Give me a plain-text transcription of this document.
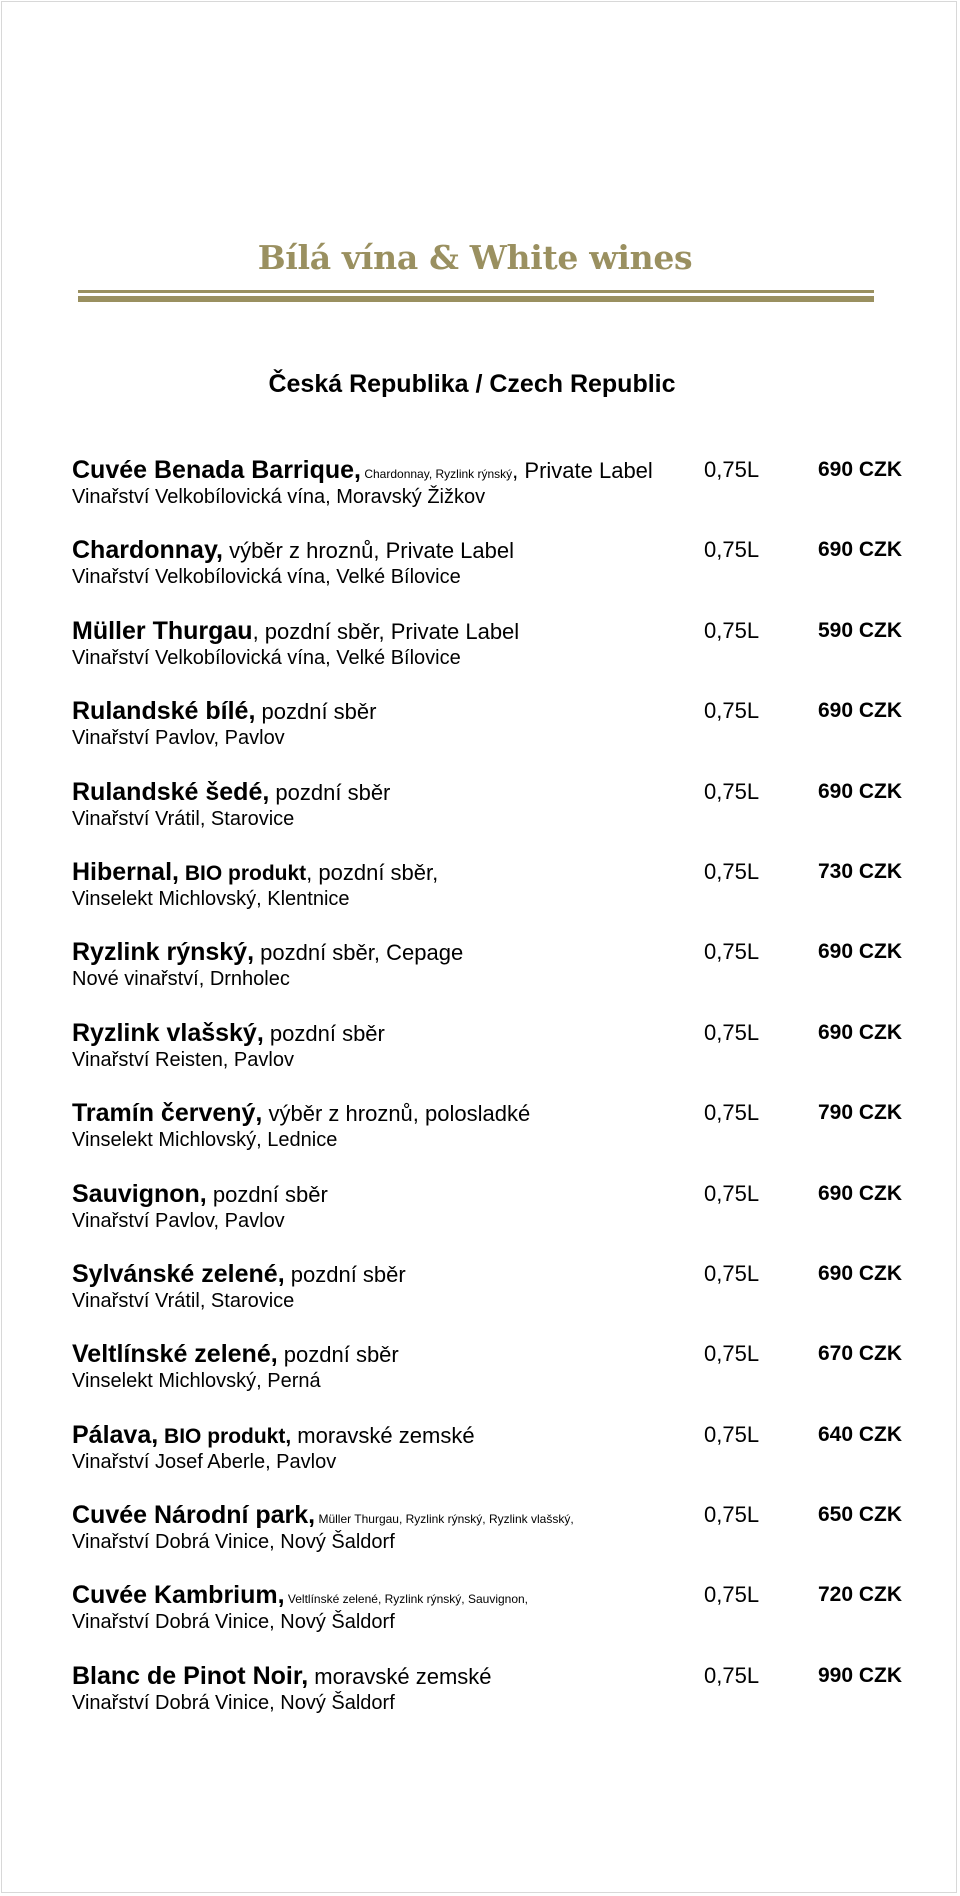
Bílá vína & White wines
Česká Republika / Czech Republic
Cuvée Benada Barrique, Chardonnay, Ryzlink rýnský, Private Label
Vinařství Velkobílovická vína, Moravský Žižkov
0,75L	690 CZK
Chardonnay, výběr z hroznů, Private Label
Vinařství Velkobílovická vína, Velké Bílovice
0,75L	690 CZK
Müller Thurgau, pozdní sběr, Private Label
Vinařství Velkobílovická vína, Velké Bílovice
0,75L	590 CZK
Rulandské bílé, pozdní sběr
Vinařství Pavlov, Pavlov
0,75L	690 CZK
Rulandské šedé, pozdní sběr
Vinařství Vrátil, Starovice
0,75L	690 CZK
Hibernal, BIO produkt, pozdní sběr,
Vinselekt Michlovský, Klentnice
0,75L	730 CZK
Ryzlink rýnský, pozdní sběr, Cepage
Nové vinařství, Drnholec
0,75L	690 CZK
Ryzlink vlašský, pozdní sběr
Vinařství Reisten, Pavlov
0,75L	690 CZK
Tramín červený, výběr z hroznů, polosladké
Vinselekt Michlovský, Lednice
0,75L	790 CZK
Sauvignon, pozdní sběr
Vinařství Pavlov, Pavlov
0,75L	690 CZK
Sylvánské zelené, pozdní sběr
Vinařství Vrátil, Starovice
0,75L	690 CZK
Veltlínské zelené, pozdní sběr
Vinselekt Michlovský, Perná
0,75L	670 CZK
Pálava, BIO produkt, moravské zemské
Vinařství Josef Aberle, Pavlov
0,75L	640 CZK
Cuvée Národní park, Müller Thurgau, Ryzlink rýnský, Ryzlink vlašský,
Vinařství Dobrá Vinice, Nový Šaldorf
0,75L	650 CZK
Cuvée Kambrium, Veltlínské zelené, Ryzlink rýnský, Sauvignon,
Vinařství Dobrá Vinice, Nový Šaldorf
0,75L	720 CZK
Blanc de Pinot Noir, moravské zemské
Vinařství Dobrá Vinice, Nový Šaldorf
0,75L	990 CZK
